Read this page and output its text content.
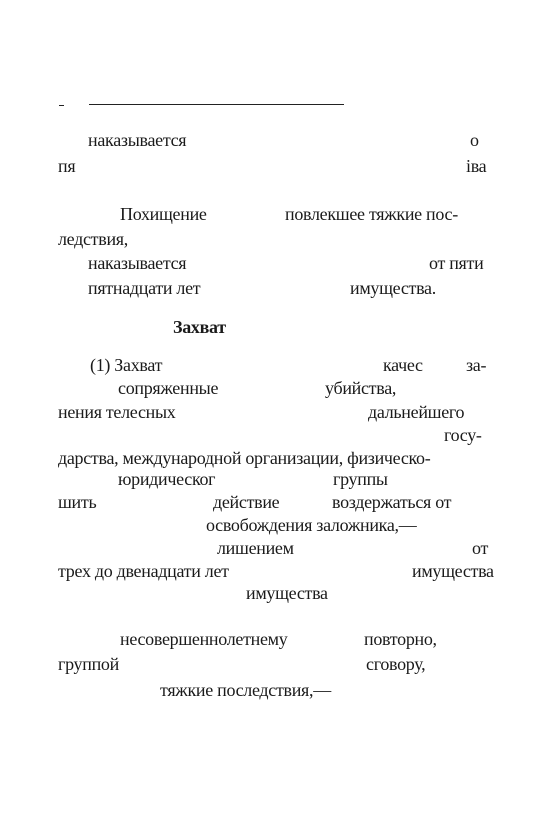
наказывается	о
пя	іва
Похищение	повлекшее тяжкие пос-
ледствия,
наказывается	от пяти
пятнадцати лет	имущества.
Захват
(1) Захват	качес за-
сопряженные	убийства,
нения телесных	дальнейшего
госу-
дарства, международной организации, физическо-
юридическог	группы
шить	действие	воздержаться от
освобождения заложника,—
лишением	от
трех до двенадцати лет	имущества
имущества
несовершеннолетнему	повторно,
группой	сговору,
тяжкие последствия,—
